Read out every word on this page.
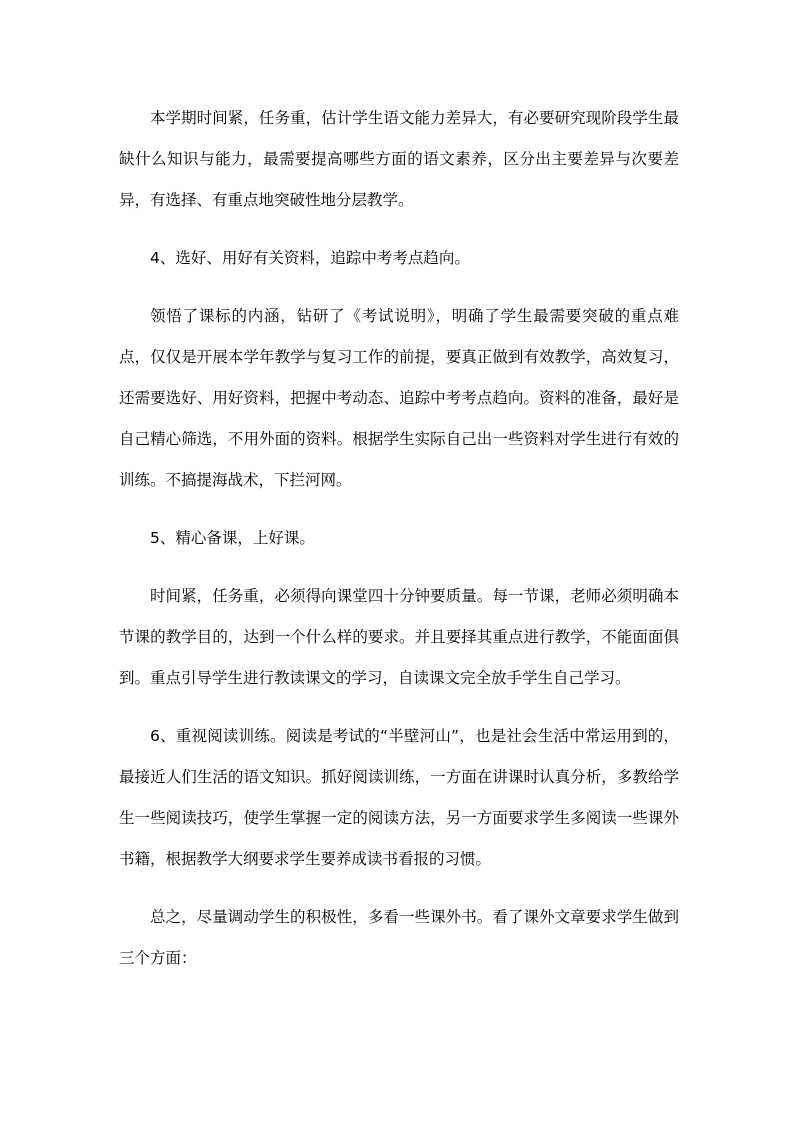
本学期时间紧，任务重，估计学生语文能力差异大，有必要研究现阶段学生最缺什么知识与能力，最需要提高哪些方面的语文素养，区分出主要差异与次要差异，有选择、有重点地突破性地分层教学。

4、选好、用好有关资料，追踪中考考点趋向。

领悟了课标的内涵，钻研了《考试说明》，明确了学生最需要突破的重点难点，仅仅是开展本学年教学与复习工作的前提，要真正做到有效教学，高效复习，还需要选好、用好资料，把握中考动态、追踪中考考点趋向。资料的准备，最好是自己精心筛选，不用外面的资料。根据学生实际自己出一些资料对学生进行有效的训练。不搞提海战术，下拦河网。

5、精心备课，上好课。

时间紧，任务重，必须得向课堂四十分钟要质量。每一节课，老师必须明确本节课的教学目的，达到一个什么样的要求。并且要择其重点进行教学，不能面面俱到。重点引导学生进行教读课文的学习，自读课文完全放手学生自己学习。

6、重视阅读训练。阅读是考试的“半壁河山”，也是社会生活中常运用到的，最接近人们生活的语文知识。抓好阅读训练，一方面在讲课时认真分析，多教给学生一些阅读技巧，使学生掌握一定的阅读方法，另一方面要求学生多阅读一些课外书籍，根据教学大纲要求学生要养成读书看报的习惯。

总之，尽量调动学生的积极性，多看一些课外书。看了课外文章要求学生做到三个方面：
